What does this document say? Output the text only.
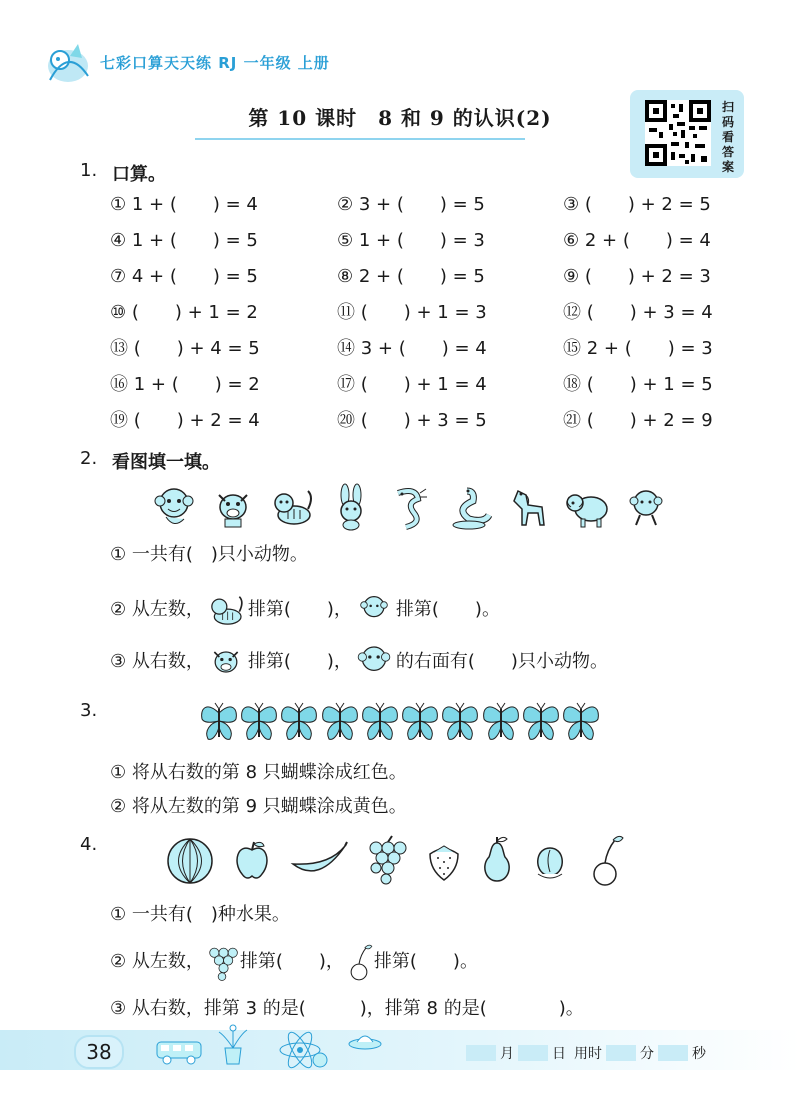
七彩口算天天练 RJ 一年级 上册
第 10 课时　8 和 9 的认识(2)	扫
码
看
答
案
1. 口算。
① 1 + (　　) = 4	② 3 + (　　) = 5	③ (　　) + 2 = 5
④ 1 + (　　) = 5	⑤ 1 + (　　) = 3	⑥ 2 + (　　) = 4
⑦ 4 + (　　) = 5	⑧ 2 + (　　) = 5	⑨ (　　) + 2 = 3
⑩ (　　) + 1 = 2	⑪ (　　) + 1 = 3	⑫ (　　) + 3 = 4
⑬ (　　) + 4 = 5	⑭ 3 + (　　) = 4	⑮ 2 + (　　) = 3
⑯ 1 + (　　) = 2	⑰ (　　) + 1 = 4	⑱ (　　) + 1 = 5
⑲ (　　) + 2 = 4	⑳ (　　) + 3 = 5	㉑ (　　) + 2 = 9
2. 看图填一填。
① 一共有(　)只小动物。
② 从左数， 排第(　　)， 排第(　　)。
③ 从右数， 排第(　　)， 的右面有(　　)只小动物。
3.
① 将从右数的第 8 只蝴蝶涂成红色。
② 将从左数的第 9 只蝴蝶涂成黄色。
4.
① 一共有(　)种水果。
② 从左数， 排第(　　)， 排第(　　)。
③ 从右数，排第 3 的是(　　　)，排第 8 的是(　　　　)。
38	月	日 用时	分	秒
